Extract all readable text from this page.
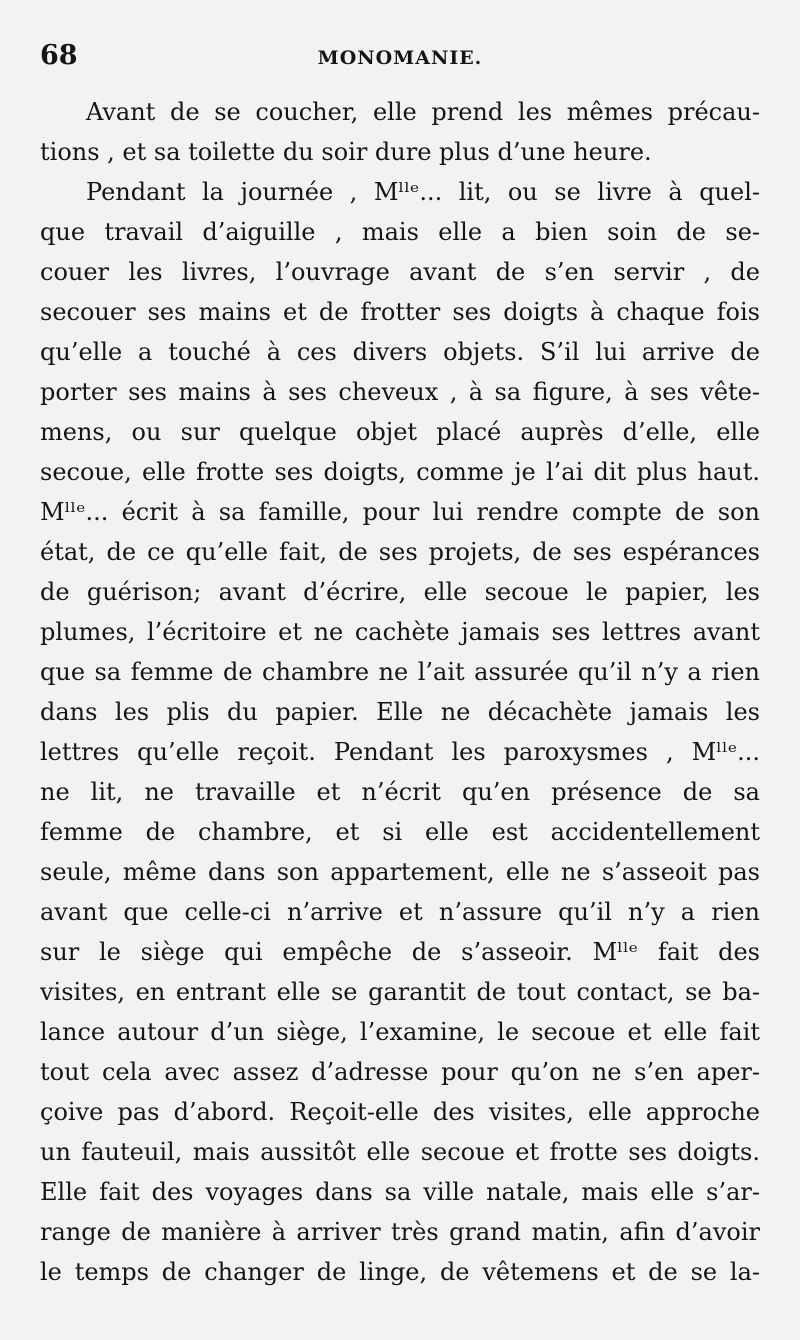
68	MONOMANIE.
Avant de se coucher, elle prend les mêmes précau-
tions , et sa toilette du soir dure plus d’une heure.
Pendant la journée , Mˡˡᵉ... lit, ou se livre à quel-
que travail d’aiguille , mais elle a bien soin de se-
couer les livres, l’ouvrage avant de s’en servir , de
secouer ses mains et de frotter ses doigts à chaque fois
qu’elle a touché à ces divers objets. S’il lui arrive de
porter ses mains à ses cheveux , à sa figure, à ses vête-
mens, ou sur quelque objet placé auprès d’elle, elle
secoue, elle frotte ses doigts, comme je l’ai dit plus haut.
Mˡˡᵉ... écrit à sa famille, pour lui rendre compte de son
état, de ce qu’elle fait, de ses projets, de ses espérances
de guérison; avant d’écrire, elle secoue le papier, les
plumes, l’écritoire et ne cachète jamais ses lettres avant
que sa femme de chambre ne l’ait assurée qu’il n’y a rien
dans les plis du papier. Elle ne décachète jamais les
lettres qu’elle reçoit. Pendant les paroxysmes , Mˡˡᵉ...
ne lit, ne travaille et n’écrit qu’en présence de sa
femme de chambre, et si elle est accidentellement
seule, même dans son appartement, elle ne s’asseoit pas
avant que celle-ci n’arrive et n’assure qu’il n’y a rien
sur le siège qui empêche de s’asseoir. Mˡˡᵉ fait des
visites, en entrant elle se garantit de tout contact, se ba-
lance autour d’un siège, l’examine, le secoue et elle fait
tout cela avec assez d’adresse pour qu’on ne s’en aper-
çoive pas d’abord. Reçoit-elle des visites, elle approche
un fauteuil, mais aussitôt elle secoue et frotte ses doigts.
Elle fait des voyages dans sa ville natale, mais elle s’ar-
range de manière à arriver très grand matin, afin d’avoir
le temps de changer de linge, de vêtemens et de se la-
